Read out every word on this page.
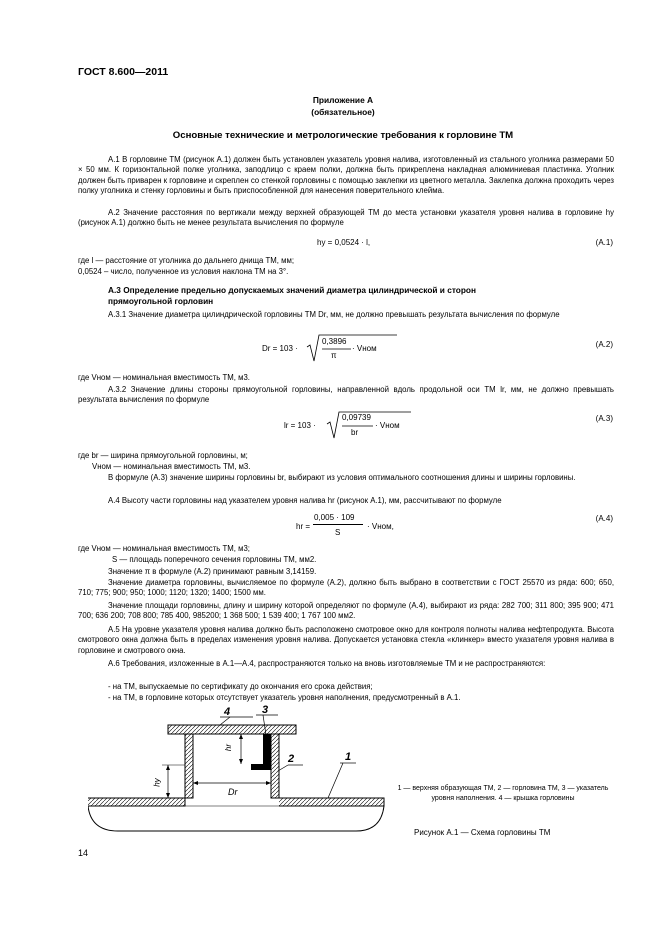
ГОСТ 8.600—2011
Приложение А
(обязательное)
Основные технические и метрологические требования к горловине ТМ
А.1 В горловине ТМ (рисунок А.1) должен быть установлен указатель уровня налива, изготовленный из стального уголника размерами 50 × 50 мм. К горизонтальной полке уголника, заподлицо с краем полки, должна быть прикреплена накладная алюминиевая пластинка. Уголник должен быть приварен к горловине и скреплен со стенкой горловины с помощью заклепки из цветного металла. Заклепка должна проходить через полку уголника и стенку горловины и быть приспособленной для нанесения поверительного клейма.
А.2 Значение расстояния по вертикали между верхней образующей ТМ до места установки указателя уровня налива в горловине hy (рисунок А.1) должно быть не менее результата вычисления по формуле
hy = 0,0524 · l,	(А.1)
где l — расстояние от уголника до дальнего днища ТМ, мм;
0,0524 – число, полученное из условия наклона ТМ на 3°.
А.3 Определение предельно допускаемых значений диаметра цилиндрической и сторон
прямоугольной горловин
А.3.1 Значение диаметра цилиндрической горловины ТМ Dr, мм, не должно превышать результата вычисления по формуле
Dr = 103 ·
0,3896
π
· Vном	(А.2)
где Vном — номинальная вместимость ТМ, м3.
А.3.2 Значение длины стороны прямоугольной горловины, направленной вдоль продольной оси ТМ lr, мм, не должно превышать результата вычисления по формуле
lr = 103 ·
0,09739
br
· Vном
(А.3)
где br — ширина прямоугольной горловины, м;
Vном — номинальная вместимость ТМ, м3.
В формуле (А.3) значение ширины горловины br, выбирают из условия оптимального соотношения длины и ширины горловины.
А.4 Высоту части горловины над указателем уровня налива hr (рисунок А.1), мм, рассчитывают по формуле
hr =
0,005 · 109
S
· Vном,
(А.4)
где Vном — номинальная вместимость ТМ, м3;
S — площадь поперечного сечения горловины ТМ, мм2.
Значение π в формуле (А.2) принимают равным 3,14159.
Значение диаметра горловины, вычисляемое по формуле (А.2), должно быть выбрано в соответствии с ГОСТ 25570 из ряда: 600; 650, 710; 775; 900; 950; 1000; 1120; 1320; 1400; 1500 мм.
Значение площади горловины, длину и ширину которой определяют по формуле (А.4), выбирают из ряда: 282 700; 311 800; 395 900; 471 700; 636 200; 708 800; 785 400, 985200; 1 368 500; 1 539 400; 1 767 100 мм2.
А.5 На уровне указателя уровня налива должно быть расположено смотровое окно для контроля полноты налива нефтепродукта. Высота смотрового окна должна быть в пределах изменения уровня налива. Допускается установка стекла «клинкер» вместо указателя уровня налива в горловине и смотрового окна.
А.6 Требования, изложенные в А.1—А.4, распространяются только на вновь изготовляемые ТМ и не распространяются:
- на ТМ, выпускаемые по сертификату до окончания его срока действия;
- на ТМ, в горловине которых отсутствует указатель уровня наполнения, предусмотренный в А.1.
4	3
2	1
hr
hy
Dr	1 — верхняя образующая ТМ, 2 — горловина ТМ, 3 — указатель уровня наполнения. 4 — крышка горловины
Рисунок А.1 — Схема горловины ТМ
14
